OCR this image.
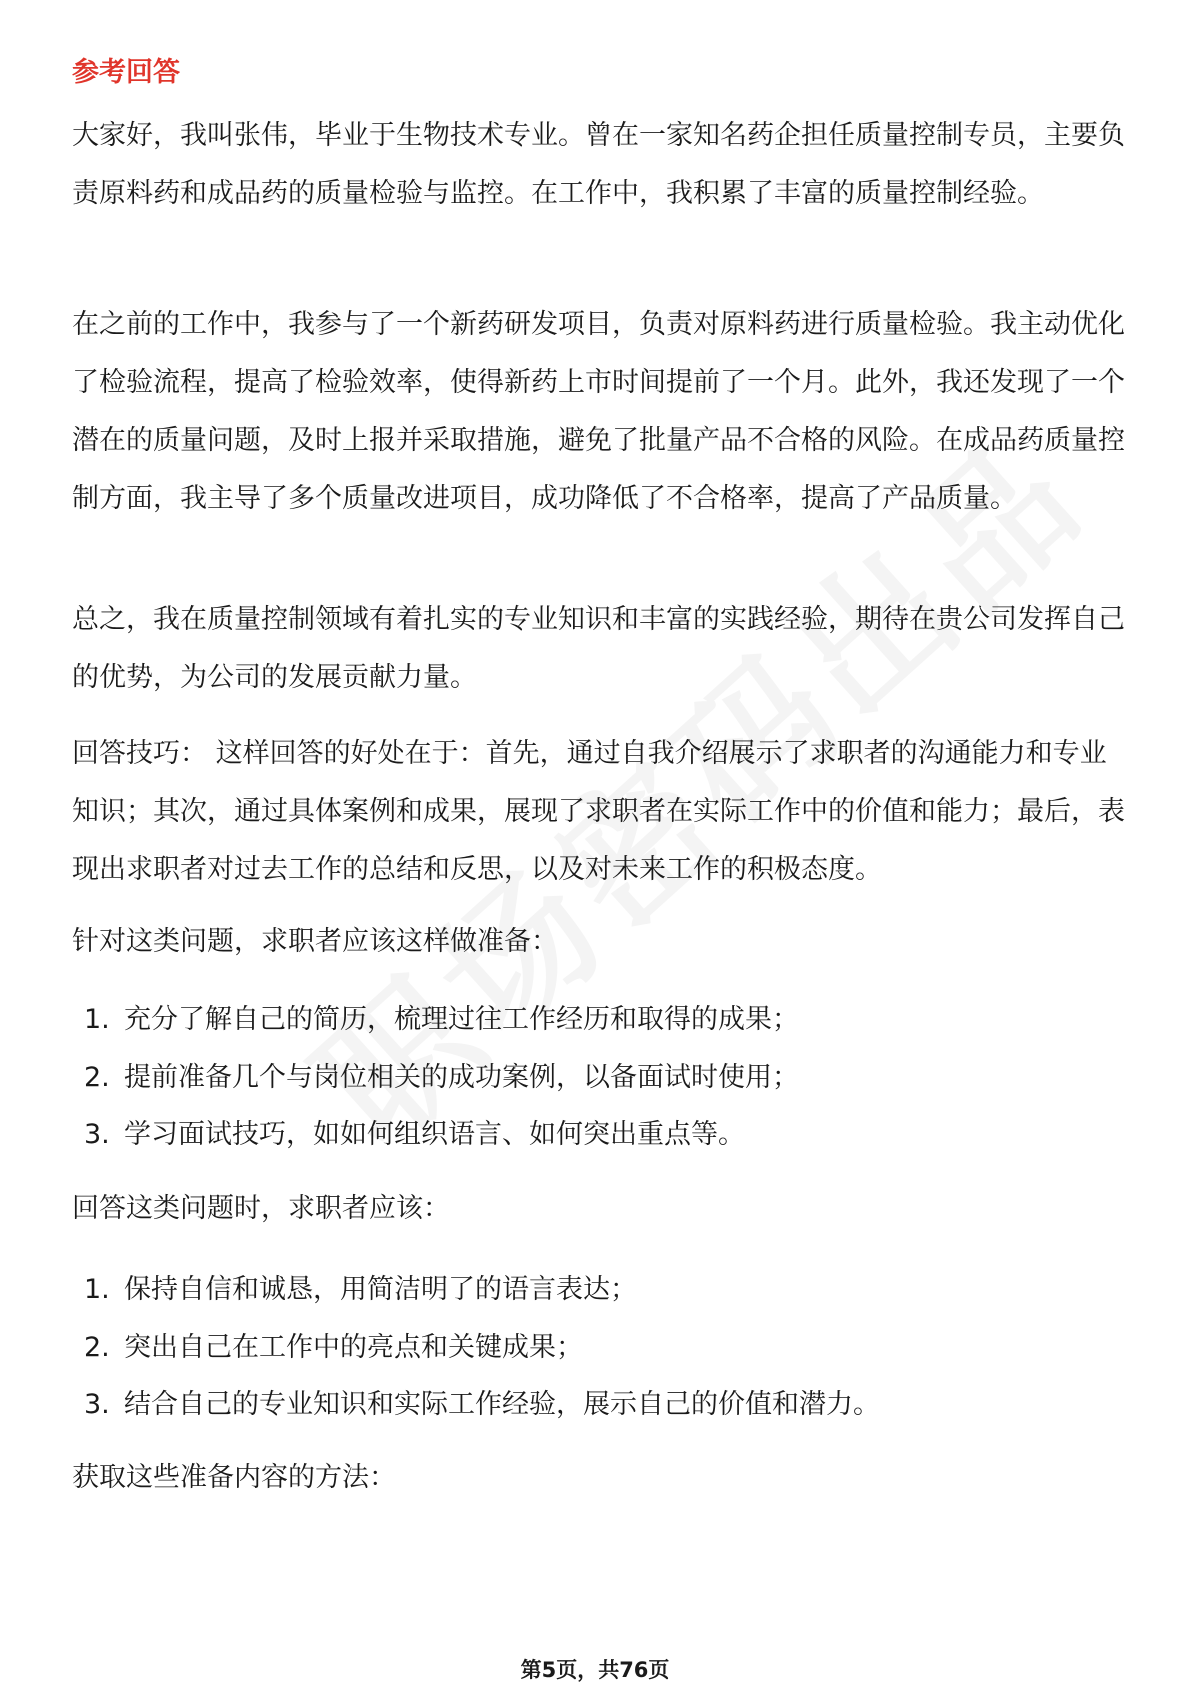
参考回答

大家好，我叫张伟，毕业于生物技术专业。曾在一家知名药企担任质量控制专员，主要负责原料药和成品药的质量检验与监控。在工作中，我积累了丰富的质量控制经验。

在之前的工作中，我参与了一个新药研发项目，负责对原料药进行质量检验。我主动优化了检验流程，提高了检验效率，使得新药上市时间提前了一个月。此外，我还发现了一个潜在的质量问题，及时上报并采取措施，避免了批量产品不合格的风险。在成品药质量控制方面，我主导了多个质量改进项目，成功降低了不合格率，提高了产品质量。

总之，我在质量控制领域有着扎实的专业知识和丰富的实践经验，期待在贵公司发挥自己的优势，为公司的发展贡献力量。

回答技巧： 这样回答的好处在于：首先，通过自我介绍展示了求职者的沟通能力和专业知识；其次，通过具体案例和成果，展现了求职者在实际工作中的价值和能力；最后，表现出求职者对过去工作的总结和反思，以及对未来工作的积极态度。

针对这类问题，求职者应该这样做准备：

1. 充分了解自己的简历，梳理过往工作经历和取得的成果；
2. 提前准备几个与岗位相关的成功案例，以备面试时使用；
3. 学习面试技巧，如如何组织语言、如何突出重点等。

回答这类问题时，求职者应该：

1. 保持自信和诚恳，用简洁明了的语言表达；
2. 突出自己在工作中的亮点和关键成果；
3. 结合自己的专业知识和实际工作经验，展示自己的价值和潜力。

获取这些准备内容的方法：

第5页，共76页
